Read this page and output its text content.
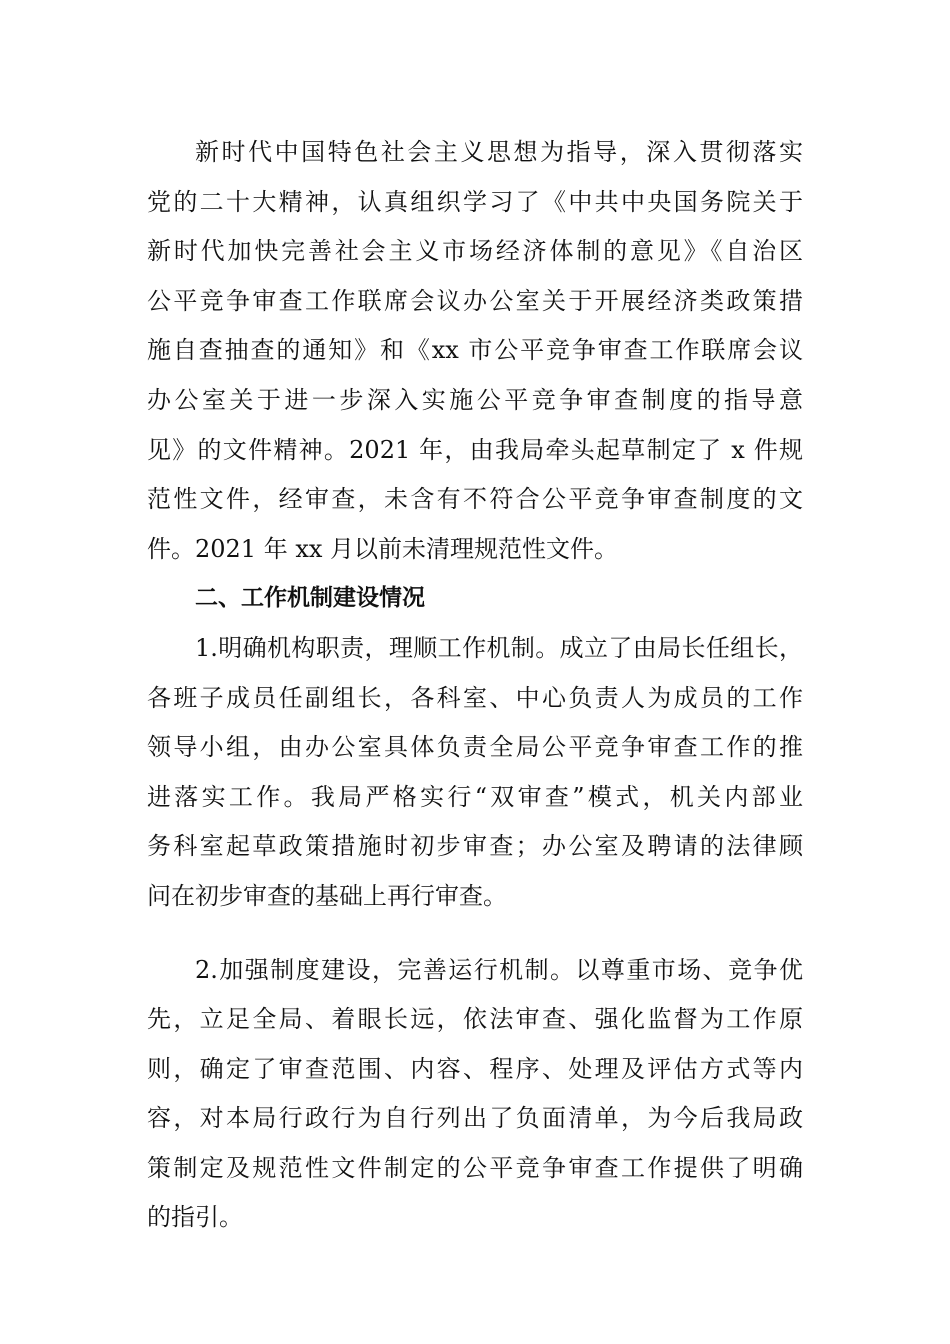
新时代中国特色社会主义思想为指导，深入贯彻落实
党的二十大精神，认真组织学习了《中共中央国务院关于
新时代加快完善社会主义市场经济体制的意见》《自治区
公平竞争审查工作联席会议办公室关于开展经济类政策措
施自查抽查的通知》和《xx 市公平竞争审查工作联席会议
办公室关于进一步深入实施公平竞争审查制度的指导意
见》的文件精神。2021 年，由我局牵头起草制定了 x 件规
范性文件，经审查，未含有不符合公平竞争审查制度的文
件。2021 年 xx 月以前未清理规范性文件。
二、工作机制建设情况
1.明确机构职责，理顺工作机制。成立了由局长任组长，
各班子成员任副组长，各科室、中心负责人为成员的工作
领导小组，由办公室具体负责全局公平竞争审查工作的推
进落实工作。我局严格实行“双审查”模式，机关内部业
务科室起草政策措施时初步审查；办公室及聘请的法律顾
问在初步审查的基础上再行审查。
2.加强制度建设，完善运行机制。以尊重市场、竞争优
先，立足全局、着眼长远，依法审查、强化监督为工作原
则，确定了审查范围、内容、程序、处理及评估方式等内
容，对本局行政行为自行列出了负面清单，为今后我局政
策制定及规范性文件制定的公平竞争审查工作提供了明确
的指引。
